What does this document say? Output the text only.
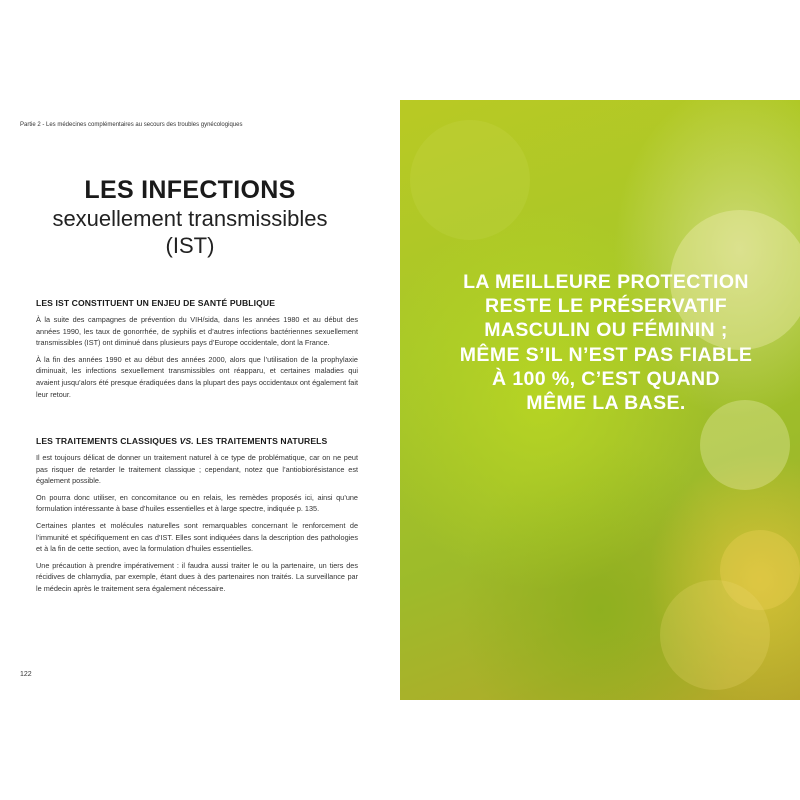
Partie 2 - Les médecines complémentaires au secours des troubles gynécologiques
LES INFECTIONS
sexuellement transmissibles
(IST)
LES IST CONSTITUENT UN ENJEU DE SANTÉ PUBLIQUE

À la suite des campagnes de prévention du VIH/sida, dans les années 1980 et au début des années 1990, les taux de gonorrhée, de syphilis et d’autres infections bactériennes sexuellement transmissibles (IST) ont diminué dans plusieurs pays d’Europe occidentale, dont la France.

À la fin des années 1990 et au début des années 2000, alors que l’utilisation de la prophylaxie diminuait, les infections sexuellement transmissibles ont réapparu, et certaines maladies qui avaient jusqu’alors été presque éradiquées dans la plupart des pays occidentaux ont également fait leur retour.

LES TRAITEMENTS CLASSIQUES VS. LES TRAITEMENTS NATURELS

Il est toujours délicat de donner un traitement naturel à ce type de problématique, car on ne peut pas risquer de retarder le traitement classique ; cependant, notez que l’antiobiorésistance est également possible.

On pourra donc utiliser, en concomitance ou en relais, les remèdes proposés ici, ainsi qu’une formulation intéressante à base d’huiles essentielles et à large spectre, indiquée p. 135.

Certaines plantes et molécules naturelles sont remarquables concernant le renforcement de l’immunité et spécifiquement en cas d’IST. Elles sont indiquées dans la description des pathologies et à la fin de cette section, avec la formulation d’huiles essentielles.

Une précaution à prendre impérativement : il faudra aussi traiter le ou la partenaire, un tiers des récidives de chlamydia, par exemple, étant dues à des partenaires non traités. La surveillance par le médecin après le traitement sera également nécessaire.

122
LA MEILLEURE PROTECTION
RESTE LE PRÉSERVATIF
MASCULIN OU FÉMININ ;
MÊME S’IL N’EST PAS FIABLE
À 100 %, C’EST QUAND
MÊME LA BASE.
